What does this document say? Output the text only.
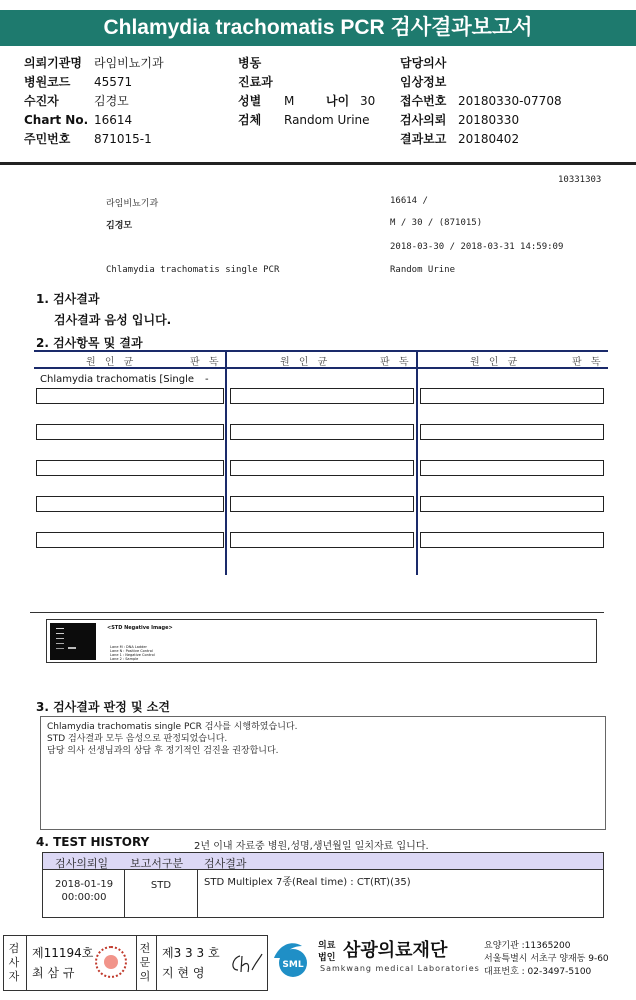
Chlamydia trachomatis PCR 검사결과보고서
의뢰기관명 라임비뇨기과
병원코드 45571
수진자	김경모
Chart No. 16614
주민번호 871015-1
병동
진료과
성별 M	나이 30
검체 Random Urine
담당의사
임상정보
접수번호 20180330-07708
검사의뢰 20180330
결과보고 20180402
10331303
라임비뇨기과	16614 /
김경모	M / 30 / (871015)
2018-03-30 / 2018-03-31 14:59:09
Chlamydia trachomatis single PCR	Random Urine
1. 검사결과
검사결과 음성 입니다.
2. 검사항목 및 결과
원 인 균	판 독	원 인 균	판 독	원 인 균	판 독
Chlamydia trachomatis [Single -
<STD Negative Image>
Lane M : DNA Ladder
Lane N : Positive Control
Lane 1 : Negative Control
Lane 2 : Sample
3. 검사결과 판정 및 소견
Chlamydia trachomatis single PCR 검사를 시행하였습니다.
STD 검사결과 모두 음성으로 판정되었습니다.
담당 의사 선생님과의 상담 후 정기적인 검진을 권장합니다.
4. TEST HISTORY	2년 이내 자료중 병원,성명,생년월일 일치자료 입니다.
검사의뢰일 보고서구분 검사결과
2018-01-19
00:00:00
STD	STD Multiplex 7종(Real time) : CT(RT)(35)
검
사
자
제11194호
최 삼 규
전
문
의
제3 3 3 호
지 현 영
SML
의료
법인 삼광의료재단
Samkwang medical Laboratories
요양기관 :11365200
서울특별시 서초구 양재동 9-60
대표번호 : 02-3497-5100
